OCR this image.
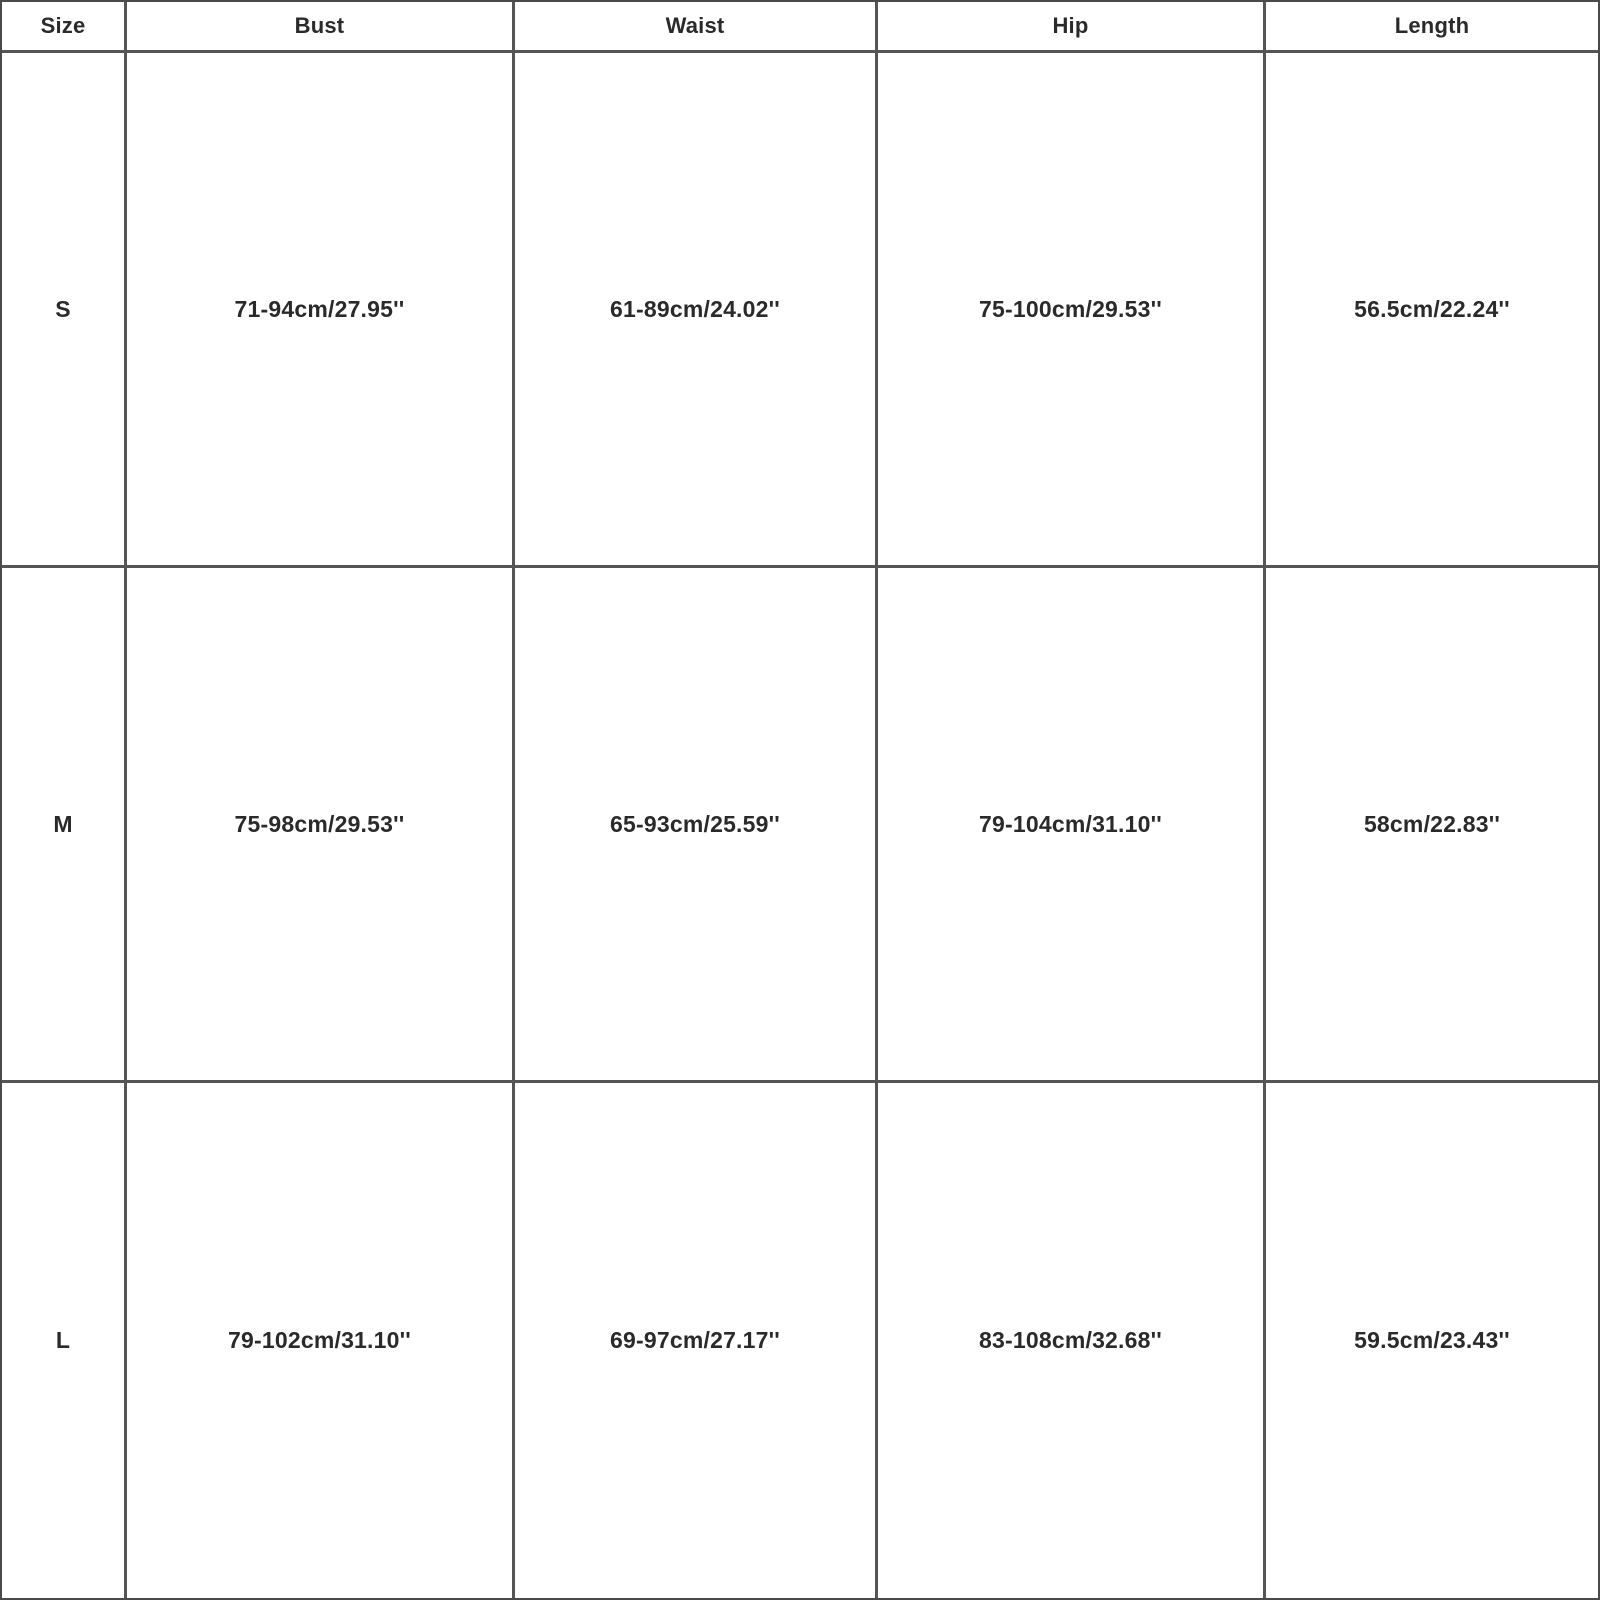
Size	Bust	Waist	Hip	Length
S	71-94cm/27.95''	61-89cm/24.02''	75-100cm/29.53''	56.5cm/22.24''
M	75-98cm/29.53''	65-93cm/25.59''	79-104cm/31.10''	58cm/22.83''
L	79-102cm/31.10''	69-97cm/27.17''	83-108cm/32.68''	59.5cm/23.43''
